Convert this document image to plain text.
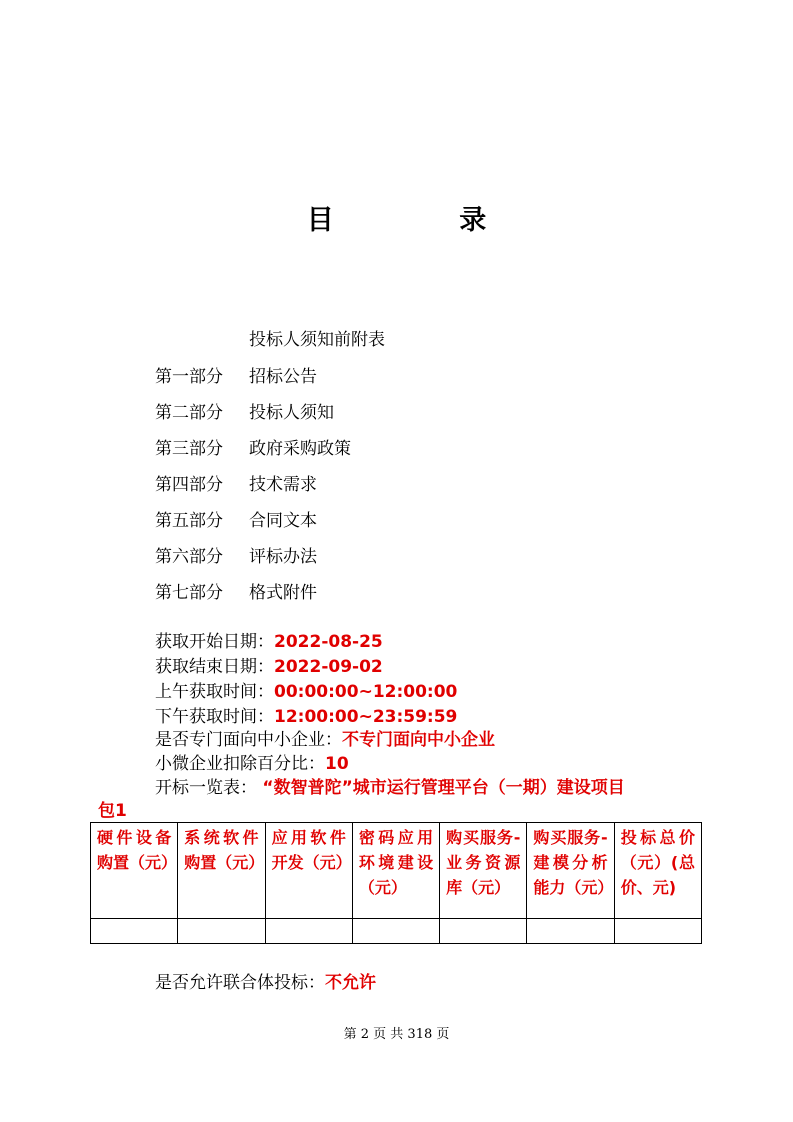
目 录
投标人须知前附表
第一部分 招标公告
第二部分 投标人须知
第三部分 政府采购政策
第四部分 技术需求
第五部分 合同文本
第六部分 评标办法
第七部分 格式附件
获取开始日期：2022-08-25
获取结束日期：2022-09-02
上午获取时间：00:00:00~12:00:00
下午获取时间：12:00:00~23:59:59
是否专门面向中小企业：不专门面向中小企业
小微企业扣除百分比：10
开标一览表： “数智普陀”城市运行管理平台（一期）建设项目
包1
硬件设备购置（元）	系统软件购置（元）	应用软件开发（元）	密码应用环境建设（元）	购买服务-业务资源库（元）	购买服务-建模分析能力（元）	投标总价（元）(总价、元)

是否允许联合体投标：不允许
第 2 页 共 318 页
